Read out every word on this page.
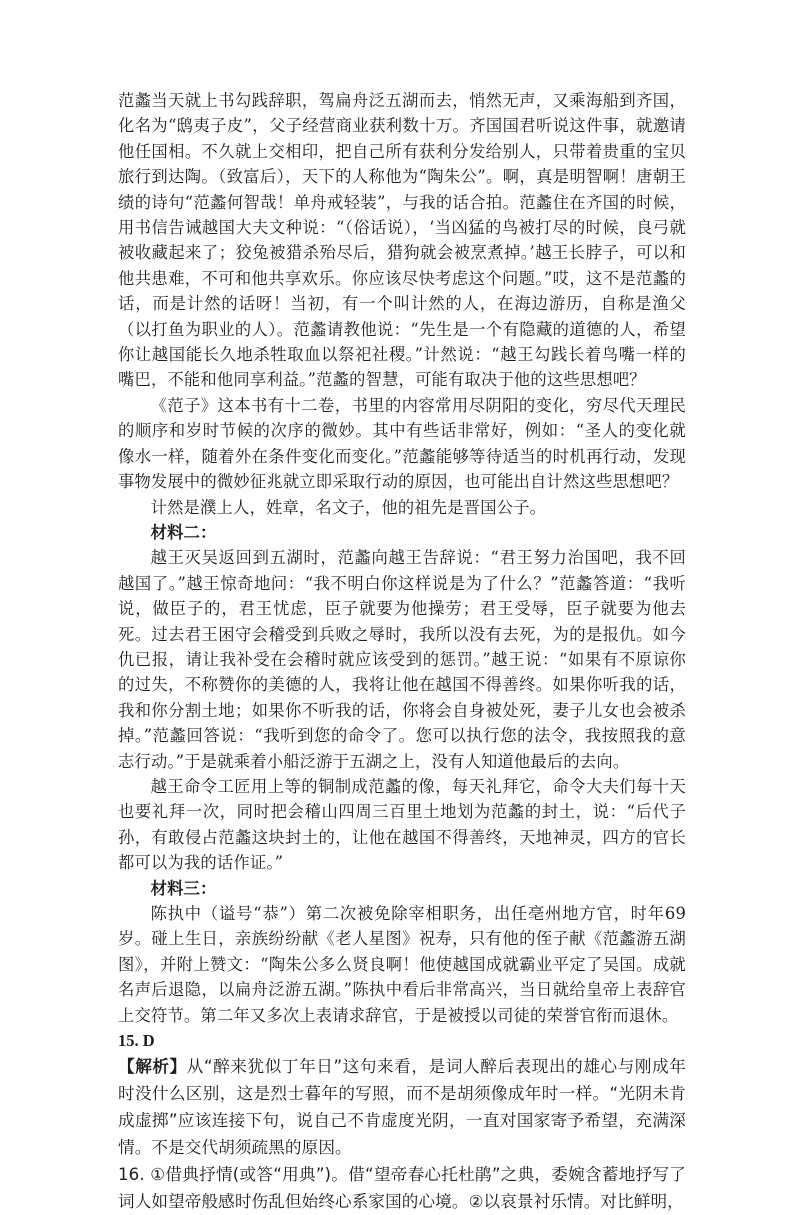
范蠡当天就上书勾践辞职，驾扁舟泛五湖而去，悄然无声，又乘海船到齐国，化名为“鸱夷子皮”，父子经营商业获利数十万。齐国国君听说这件事，就邀请他任国相。不久就上交相印，把自己所有获利分发给别人，只带着贵重的宝贝旅行到达陶。（致富后），天下的人称他为“陶朱公”。啊，真是明智啊！唐朝王绩的诗句“范蠡何智哉！单舟戒轻装”，与我的话合拍。范蠡住在齐国的时候，用书信告诫越国大夫文种说：“（俗话说），‘当凶猛的鸟被打尽的时候，良弓就被收藏起来了；狡兔被猎杀殆尽后，猎狗就会被烹煮掉。’越王长脖子，可以和他共患难，不可和他共享欢乐。你应该尽快考虑这个问题。”哎，这不是范蠡的话，而是计然的话呀！当初，有一个叫计然的人，在海边游历，自称是渔父（以打鱼为职业的人）。范蠡请教他说：“先生是一个有隐藏的道德的人，希望你让越国能长久地杀牲取血以祭祀社稷。”计然说：“越王勾践长着鸟嘴一样的嘴巴，不能和他同享利益。”范蠡的智慧，可能有取决于他的这些思想吧？

《范子》这本书有十二卷，书里的内容常用尽阴阳的变化，穷尽代天理民的顺序和岁时节候的次序的微妙。其中有些话非常好，例如：“圣人的变化就像水一样，随着外在条件变化而变化。”范蠡能够等待适当的时机再行动，发现事物发展中的微妙征兆就立即采取行动的原因，也可能出自计然这些思想吧？

计然是濮上人，姓章，名文子，他的祖先是晋国公子。

材料二：

越王灭吴返回到五湖时，范蠡向越王告辞说：“君王努力治国吧，我不回越国了。”越王惊奇地问：“我不明白你这样说是为了什么？”范蠡答道：“我听说，做臣子的，君王忧虑，臣子就要为他操劳；君王受辱，臣子就要为他去死。过去君王困守会稽受到兵败之辱时，我所以没有去死，为的是报仇。如今仇已报，请让我补受在会稽时就应该受到的惩罚。”越王说：“如果有不原谅你的过失，不称赞你的美德的人，我将让他在越国不得善终。如果你听我的话，我和你分割土地；如果你不听我的话，你将会自身被处死，妻子儿女也会被杀掉。”范蠡回答说：“我听到您的命令了。您可以执行您的法令，我按照我的意志行动。”于是就乘着小船泛游于五湖之上，没有人知道他最后的去向。

越王命令工匠用上等的铜制成范蠡的像，每天礼拜它，命令大夫们每十天也要礼拜一次，同时把会稽山四周三百里土地划为范蠡的封土，说：“后代子孙，有敢侵占范蠡这块封土的，让他在越国不得善终，天地神灵，四方的官长都可以为我的话作证。”

材料三：

陈执中（谥号“恭”）第二次被免除宰相职务，出任亳州地方官，时年69岁。碰上生日，亲族纷纷献《老人星图》祝寿，只有他的侄子献《范蠡游五湖图》，并附上赞文：“陶朱公多么贤良啊！他使越国成就霸业平定了吴国。成就名声后退隐，以扁舟泛游五湖。”陈执中看后非常高兴，当日就给皇帝上表辞官上交符节。第二年又多次上表请求辞官，于是被授以司徒的荣誉官衔而退休。

15. D

【解析】从“醉来犹似丁年日”这句来看，是词人醉后表现出的雄心与刚成年时没什么区别，这是烈士暮年的写照，而不是胡须像成年时一样。“光阴未肯成虚掷”应该连接下句，说自己不肯虚度光阴，一直对国家寄予希望，充满深情。不是交代胡须疏黑的原因。

16. ①借典抒情(或答“用典”)。借“望帝春心托杜鹃”之典，委婉含蓄地抒写了词人如望帝般感时伤乱但始终心系家国的心境。②以哀景衬乐情。对比鲜明，
